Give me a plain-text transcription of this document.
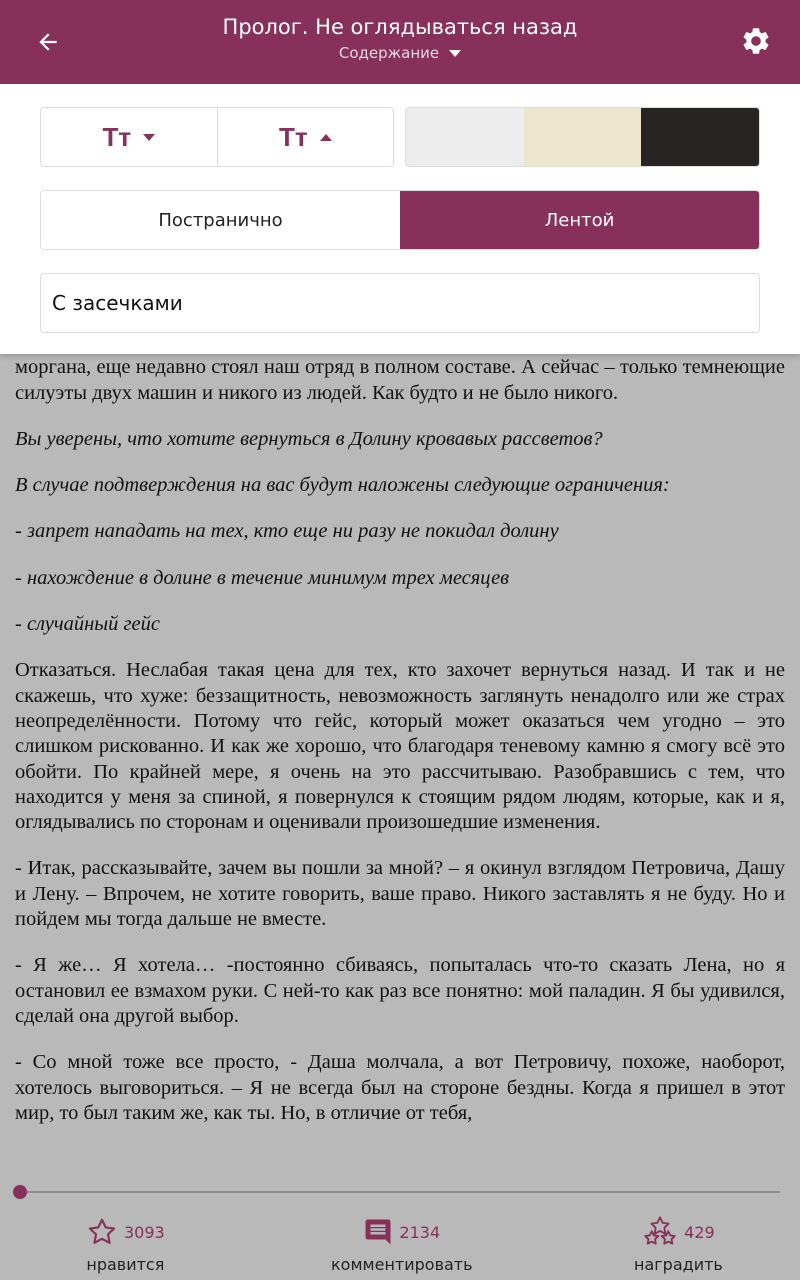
Пролог. Не оглядываться назад
Содержание
Тт	Тт
Постранично	Лентой
С засечками

моргана, еще недавно стоял наш отряд в полном составе. А сейчас – только темнеющие силуэты двух машин и никого из людей. Как будто и не было никого.

Вы уверены, что хотите вернуться в Долину кровавых рассветов?

В случае подтверждения на вас будут наложены следующие ограничения:

- запрет нападать на тех, кто еще ни разу не покидал долину

- нахождение в долине в течение минимум трех месяцев

- случайный гейс

Отказаться. Неслабая такая цена для тех, кто захочет вернуться назад. И так и не скажешь, что хуже: беззащитность, невозможность заглянуть ненадолго или же страх неопределённости. Потому что гейс, который может оказаться чем угодно – это слишком рискованно. И как же хорошо, что благодаря теневому камню я смогу всё это обойти. По крайней мере, я очень на это рассчитываю. Разобравшись с тем, что находится у меня за спиной, я повернулся к стоящим рядом людям, которые, как и я, оглядывались по сторонам и оценивали произошедшие изменения.

- Итак, рассказывайте, зачем вы пошли за мной? – я окинул взглядом Петровича, Дашу и Лену. – Впрочем, не хотите говорить, ваше право. Никого заставлять я не буду. Но и пойдем мы тогда дальше не вместе.

- Я же… Я хотела… -постоянно сбиваясь, попыталась что-то сказать Лена, но я остановил ее взмахом руки. С ней-то как раз все понятно: мой паладин. Я бы удивился, сделай она другой выбор.

- Со мной тоже все просто, - Даша молчала, а вот Петровичу, похоже, наоборот, хотелось выговориться. – Я не всегда был на стороне бездны. Когда я пришел в этот мир, то был таким же, как ты. Но, в отличие от тебя,

3093
нравится
2134
комментировать
429
наградить
